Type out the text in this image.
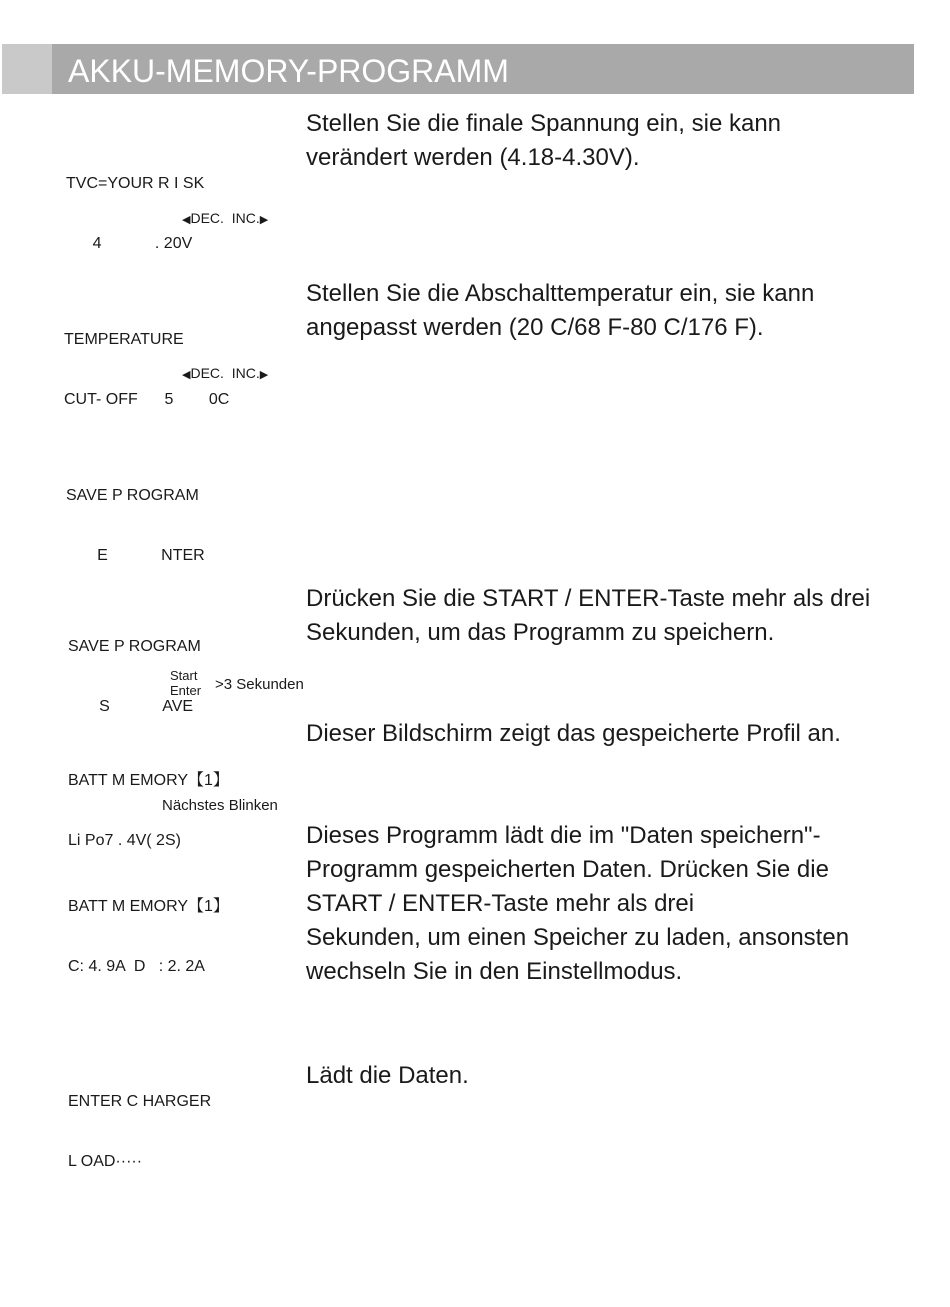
AKKU-MEMORY-PROGRAMM

TVC=YOUR R I SK

4            . 20V

◀DEC. INC.▶
Stellen Sie die finale Spannung ein, sie kann
verändert werden (4.18-4.30V).

TEMPERATURE

CUT- OFF      5        0C

◀DEC. INC.▶
Stellen Sie die Abschalttemperatur ein, sie kann
angepasst werden (20 C/68 F-80 C/176 F).

SAVE P ROGRAM

E            NTER

SAVE P ROGRAM

S            AVE

Start
Enter >3 Sekunden
Drücken Sie die START / ENTER-Taste mehr als drei
Sekunden, um das Programm zu speichern.

BATT M EMORY【1】

Li Po7 . 4V( 2S)

Nächstes Blinken
Dieser Bildschirm zeigt das gespeicherte Profil an.

BATT M EMORY【1】

C: 4. 9A  D   : 2. 2A

Dieses Programm lädt die im "Daten speichern"-
Programm gespeicherten Daten. Drücken Sie die
START / ENTER-Taste mehr als drei
Sekunden, um einen Speicher zu laden, ansonsten
wechseln Sie in den Einstellmodus.

ENTER C HARGER

L OAD·····

Lädt die Daten.
